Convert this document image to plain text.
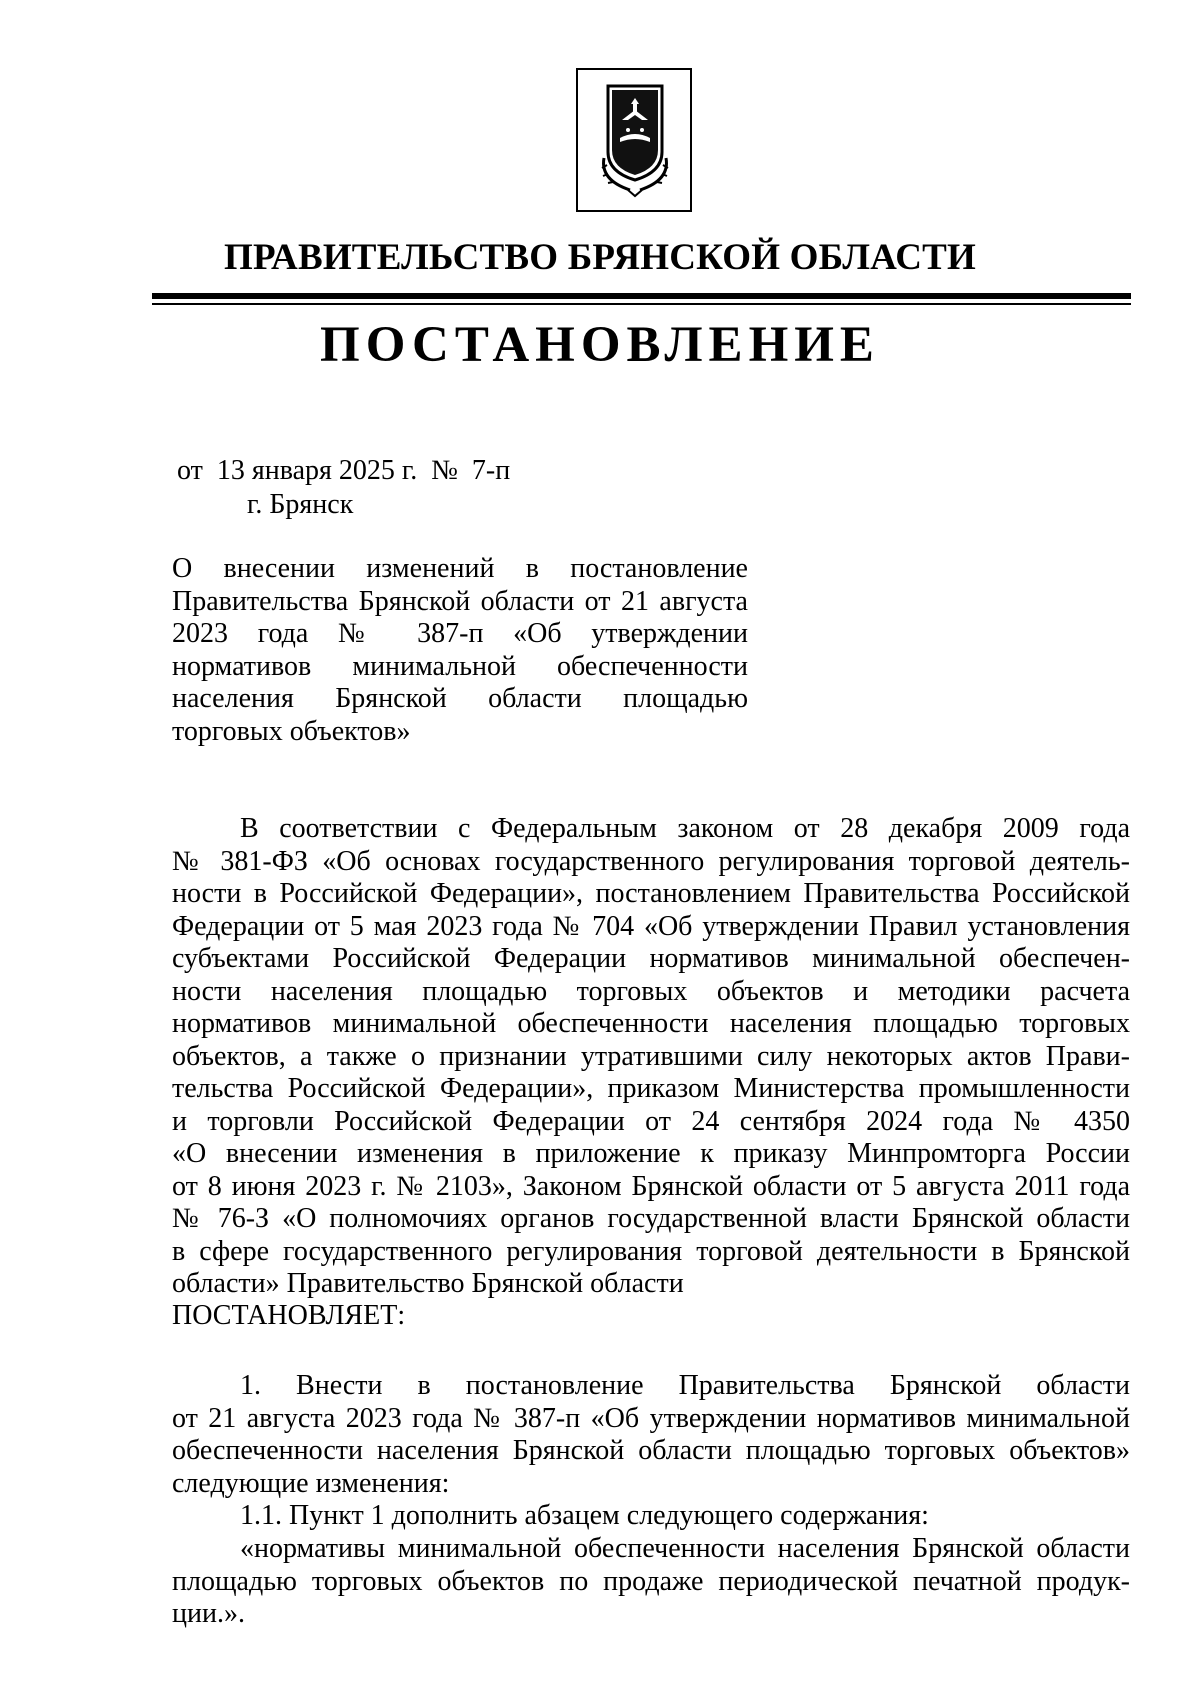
ПРАВИТЕЛЬСТВО БРЯНСКОЙ ОБЛАСТИ
ПОСТАНОВЛЕНИЕ
от  13 января 2025 г.  №  7-п
г. Брянск
О внесении изменений в постановление
Правительства Брянской области от 21 августа
2023 года № 387-п «Об утверждении
нормативов минимальной обеспеченности
населения Брянской области площадью
торговых объектов»
В соответствии с Федеральным законом от 28 декабря 2009 года
№ 381-ФЗ «Об основах государственного регулирования торговой деятель-
ности в Российской Федерации», постановлением Правительства Российской
Федерации от 5 мая 2023 года № 704 «Об утверждении Правил установления
субъектами Российской Федерации нормативов минимальной обеспечен-
ности населения площадью торговых объектов и методики расчета
нормативов минимальной обеспеченности населения площадью торговых
объектов, а также о признании утратившими силу некоторых актов Прави-
тельства Российской Федерации», приказом Министерства промышленности
и торговли Российской Федерации от 24 сентября 2024 года № 4350
«О внесении изменения в приложение к приказу Минпромторга России
от 8 июня 2023 г. № 2103», Законом Брянской области от 5 августа 2011 года
№ 76-З «О полномочиях органов государственной власти Брянской области
в сфере государственного регулирования торговой деятельности в Брянской
области» Правительство Брянской области
ПОСТАНОВЛЯЕТ:
1. Внести в постановление Правительства Брянской области
от 21 августа 2023 года № 387-п «Об утверждении нормативов минимальной
обеспеченности населения Брянской области площадью торговых объектов»
следующие изменения:
1.1. Пункт 1 дополнить абзацем следующего содержания:
«нормативы минимальной обеспеченности населения Брянской области
площадью торговых объектов по продаже периодической печатной продук-
ции.».
